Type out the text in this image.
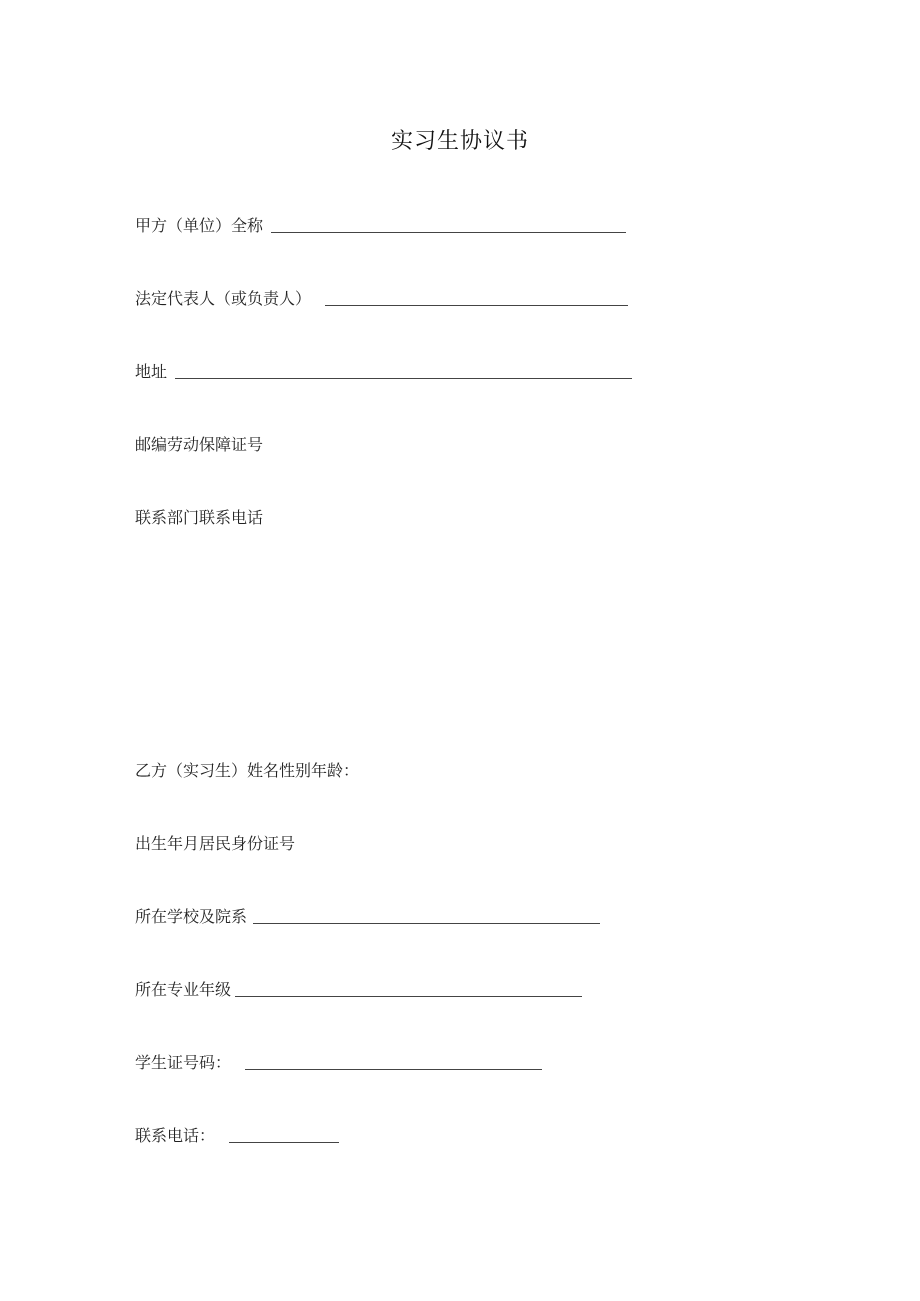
实习生协议书
甲方（单位）全称
法定代表人（或负责人）
地址
邮编劳动保障证号
联系部门联系电话
乙方（实习生）姓名性别年龄：
出生年月居民身份证号
所在学校及院系
所在专业年级
学生证号码：
联系电话：
